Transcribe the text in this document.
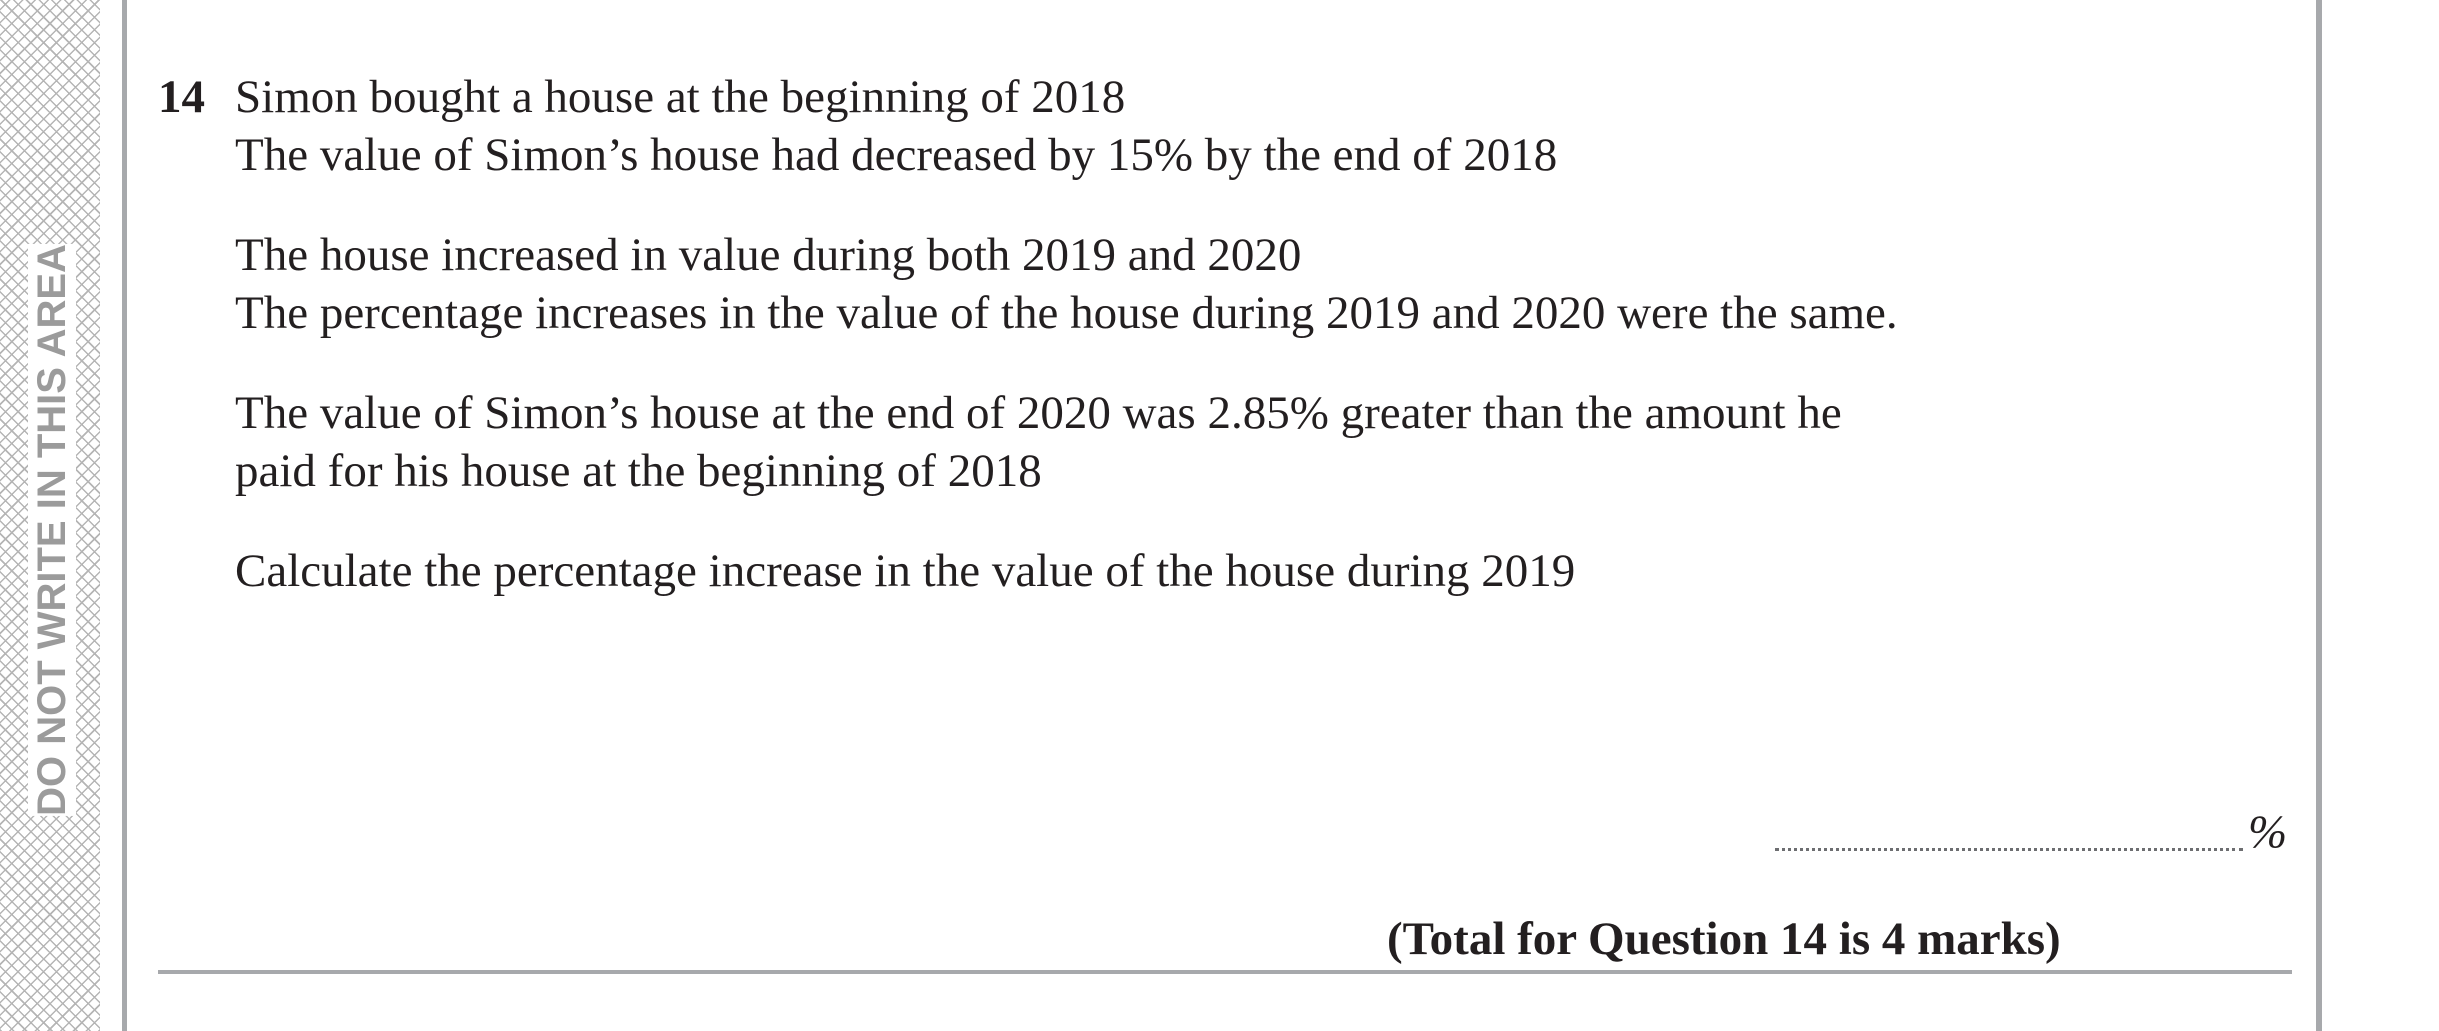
DO NOT WRITE IN THIS AREA
14 Simon bought a house at the beginning of 2018

The value of Simon’s house had decreased by 15% by the end of 2018

The house increased in value during both 2019 and 2020

The percentage increases in the value of the house during 2019 and 2020 were the same.

The value of Simon’s house at the end of 2020 was 2.85% greater than the amount he

paid for his house at the beginning of 2018

Calculate the percentage increase in the value of the house during 2019

%
(Total for Question 14 is 4 marks)
